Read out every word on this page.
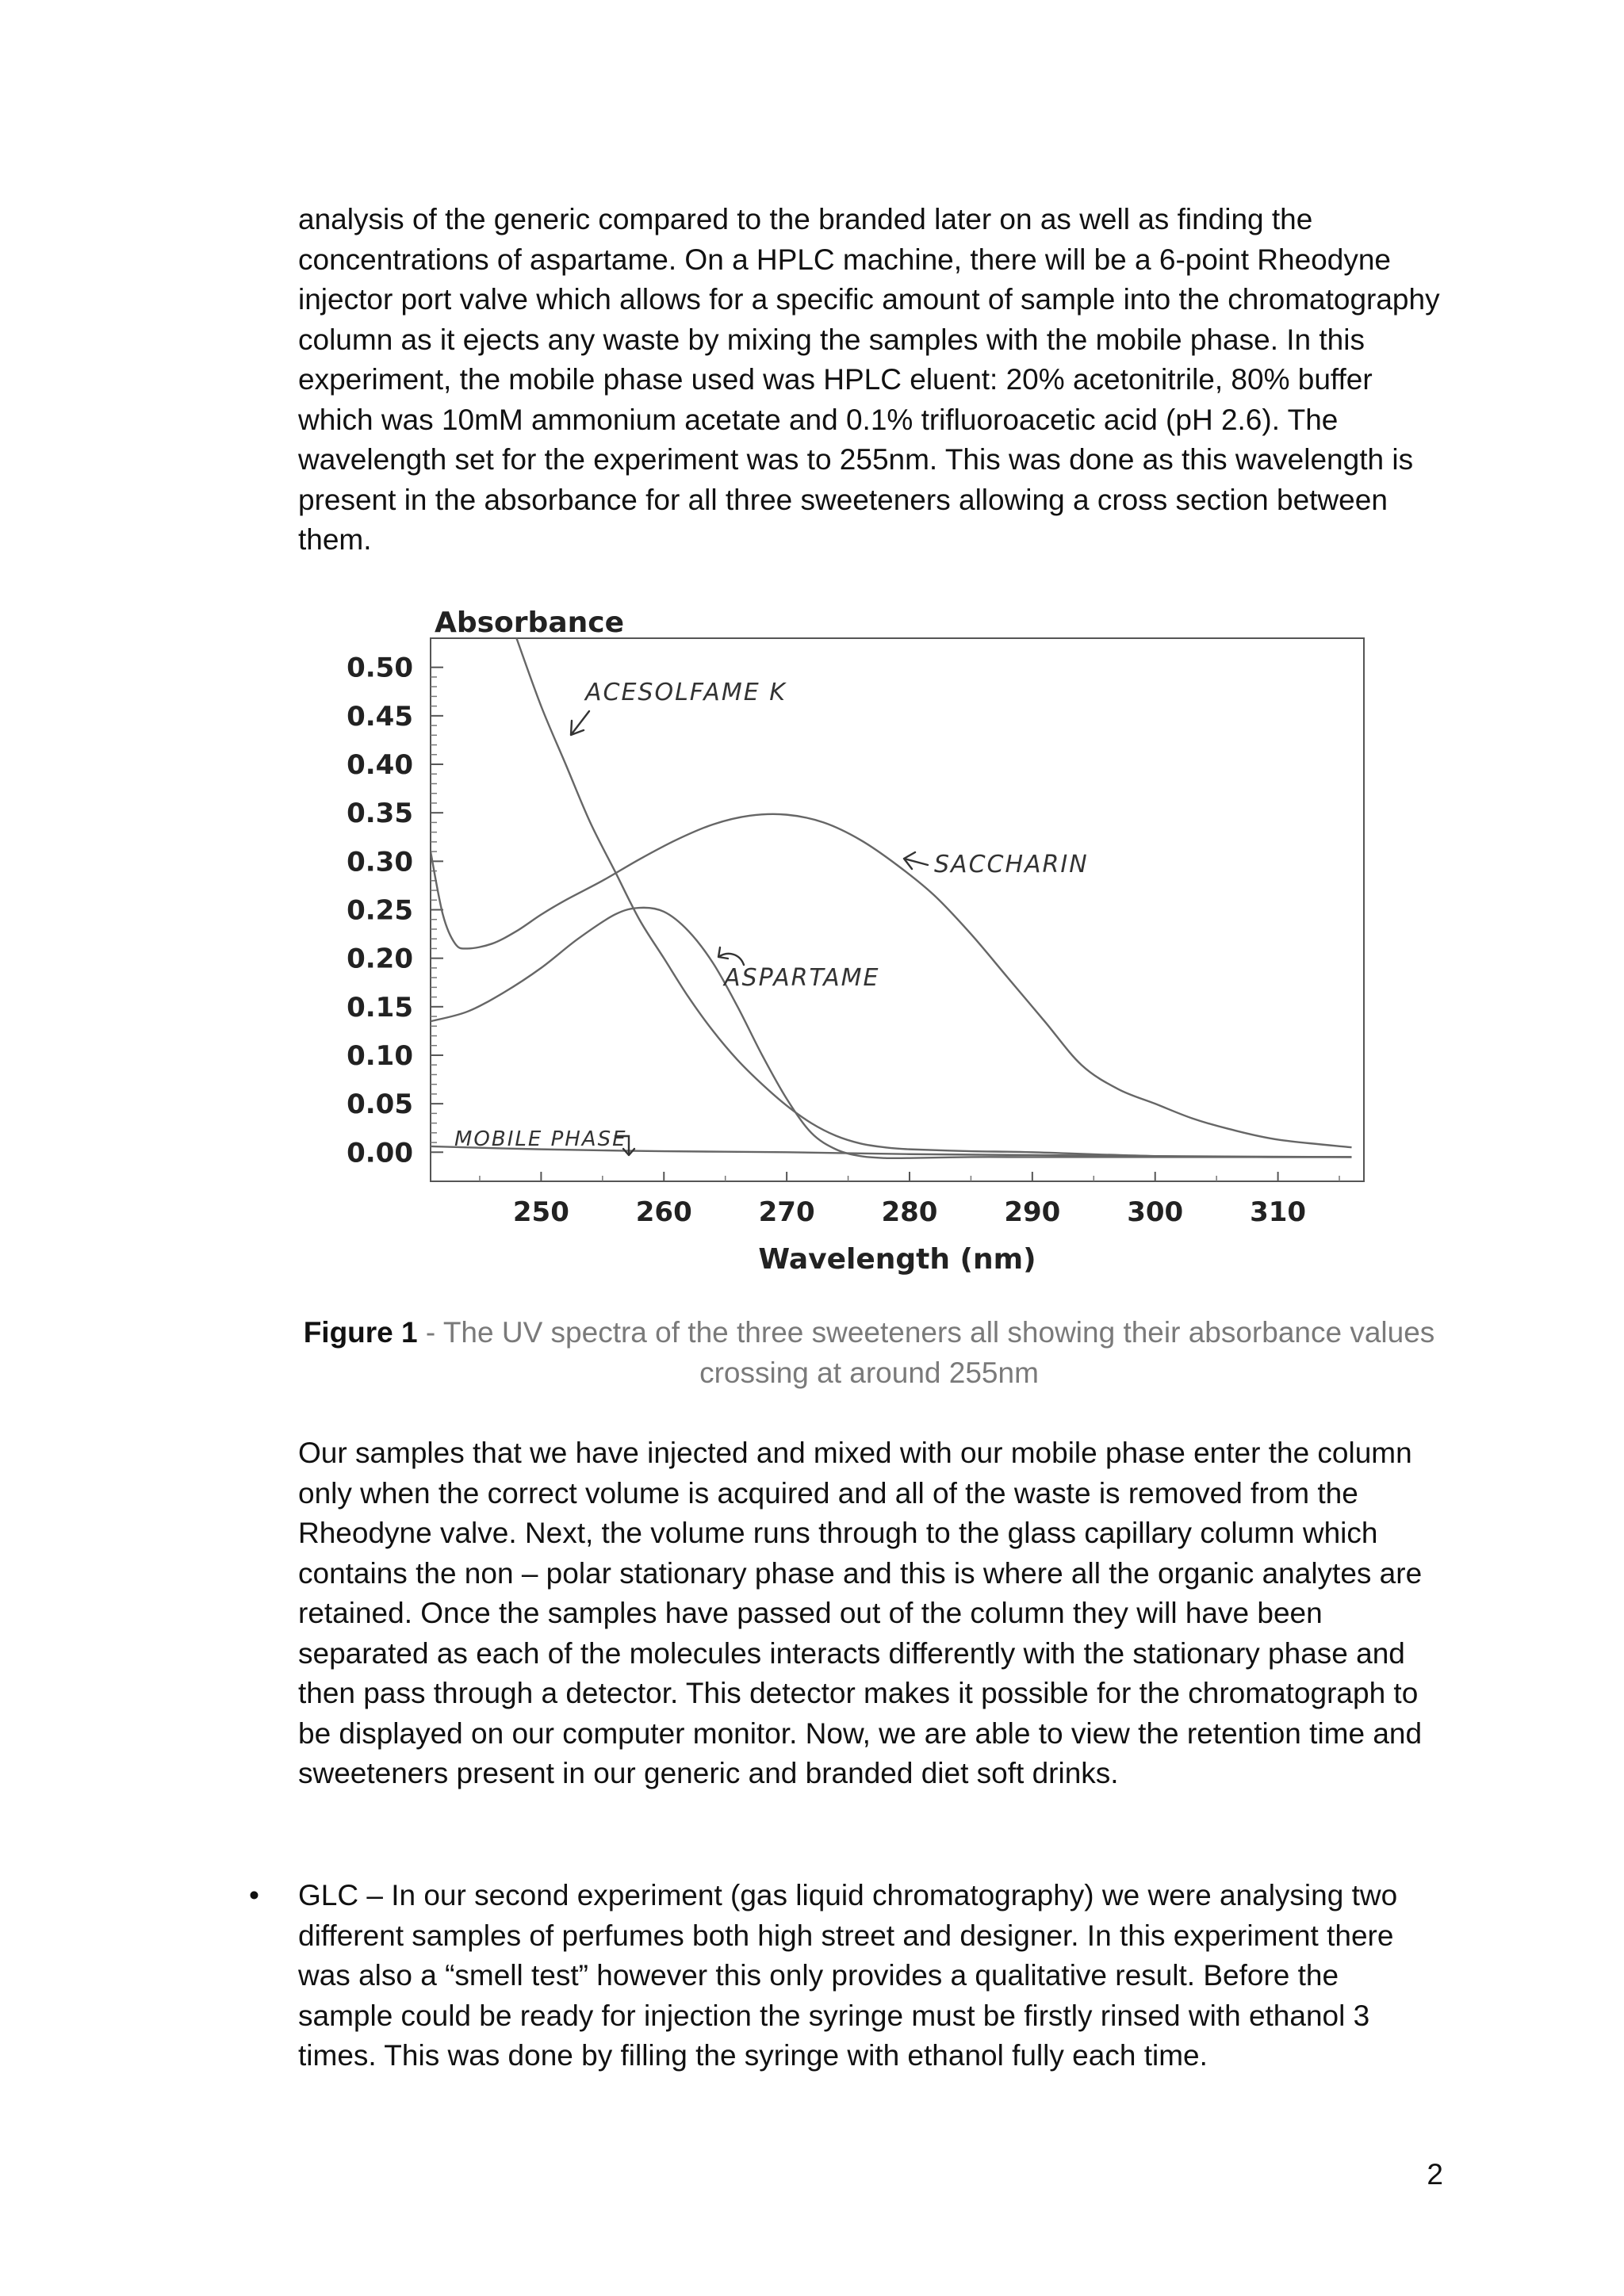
analysis of the generic compared to the branded later on as well as finding the concentrations of aspartame. On a HPLC machine, there will be a 6-point Rheodyne injector port valve which allows for a specific amount of sample into the chromatography column as it ejects any waste by mixing the samples with the mobile phase. In this experiment, the mobile phase used was HPLC eluent: 20% acetonitrile, 80% buffer which was 10mM ammonium acetate and 0.1% trifluoroacetic acid (pH 2.6). The wavelength set for the experiment was to 255nm. This was done as this wavelength is present in the absorbance for all three sweeteners allowing a cross section between them.

0.00
0.05
0.10
0.15
0.20
0.25
0.30
0.35
0.40
0.45
0.50
250 260 270 280 290 300 310
Absorbance
Wavelength (nm)
ACESOLFAME K
SACCHARIN
ASPARTAME
MOBILE PHASE
Figure 1 - The UV spectra of the three sweeteners all showing their absorbance values crossing at around 255nm

Our samples that we have injected and mixed with our mobile phase enter the column only when the correct volume is acquired and all of the waste is removed from the Rheodyne valve. Next, the volume runs through to the glass capillary column which contains the non – polar stationary phase and this is where all the organic analytes are retained. Once the samples have passed out of the column they will have been separated as each of the molecules interacts differently with the stationary phase and then pass through a detector. This detector makes it possible for the chromatograph to be displayed on our computer monitor. Now, we are able to view the retention time and sweeteners present in our generic and branded diet soft drinks.

• GLC – In our second experiment (gas liquid chromatography) we were analysing two different samples of perfumes both high street and designer. In this experiment there was also a “smell test” however this only provides a qualitative result. Before the sample could be ready for injection the syringe must be firstly rinsed with ethanol 3 times. This was done by filling the syringe with ethanol fully each time.

2
